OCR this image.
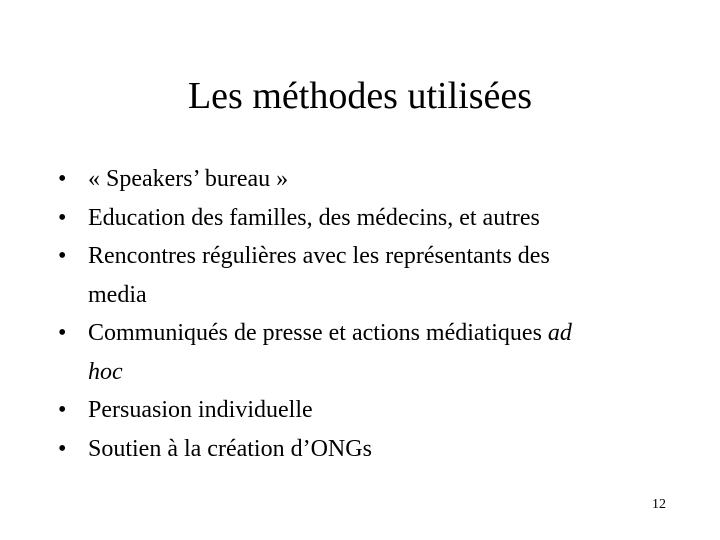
Les méthodes utilisées
• « Speakers’ bureau »
• Education des familles, des médecins, et autres
• Rencontres régulières avec les représentants des
media
• Communiqués de presse et actions médiatiques ad
hoc
• Persuasion individuelle
• Soutien à la création d’ONGs
12
